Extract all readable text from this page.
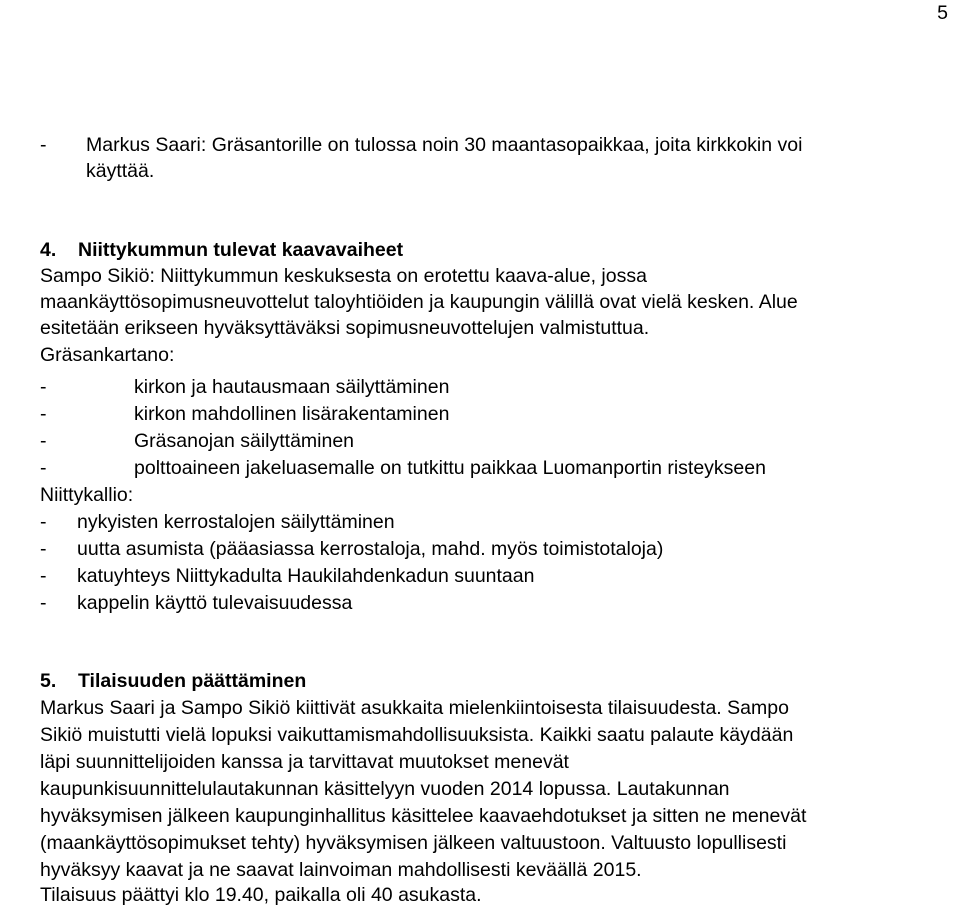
5
- Markus Saari: Gräsantorille on tulossa noin 30 maantasopaikkaa, joita kirkkokin voi
käyttää.
4. Niittykummun tulevat kaavavaiheet
Sampo Sikiö: Niittykummun keskuksesta on erotettu kaava-alue, jossa
maankäyttösopimusneuvottelut taloyhtiöiden ja kaupungin välillä ovat vielä kesken. Alue
esitetään erikseen hyväksyttäväksi sopimusneuvottelujen valmistuttua.
Gräsankartano:
-	kirkon ja hautausmaan säilyttäminen
-	kirkon mahdollinen lisärakentaminen
-	Gräsanojan säilyttäminen
-	polttoaineen jakeluasemalle on tutkittu paikkaa Luomanportin risteykseen
Niittykallio:
- nykyisten kerrostalojen säilyttäminen
- uutta asumista (pääasiassa kerrostaloja, mahd. myös toimistotaloja)
- katuyhteys Niittykadulta Haukilahdenkadun suuntaan
- kappelin käyttö tulevaisuudessa
5. Tilaisuuden päättäminen
Markus Saari ja Sampo Sikiö kiittivät asukkaita mielenkiintoisesta tilaisuudesta. Sampo
Sikiö muistutti vielä lopuksi vaikuttamismahdollisuuksista. Kaikki saatu palaute käydään
läpi suunnittelijoiden kanssa ja tarvittavat muutokset menevät
kaupunkisuunnittelulautakunnan käsittelyyn vuoden 2014 lopussa. Lautakunnan
hyväksymisen jälkeen kaupunginhallitus käsittelee kaavaehdotukset ja sitten ne menevät
(maankäyttösopimukset tehty) hyväksymisen jälkeen valtuustoon. Valtuusto lopullisesti
hyväksyy kaavat ja ne saavat lainvoiman mahdollisesti keväällä 2015.
Tilaisuus päättyi klo 19.40, paikalla oli 40 asukasta.
